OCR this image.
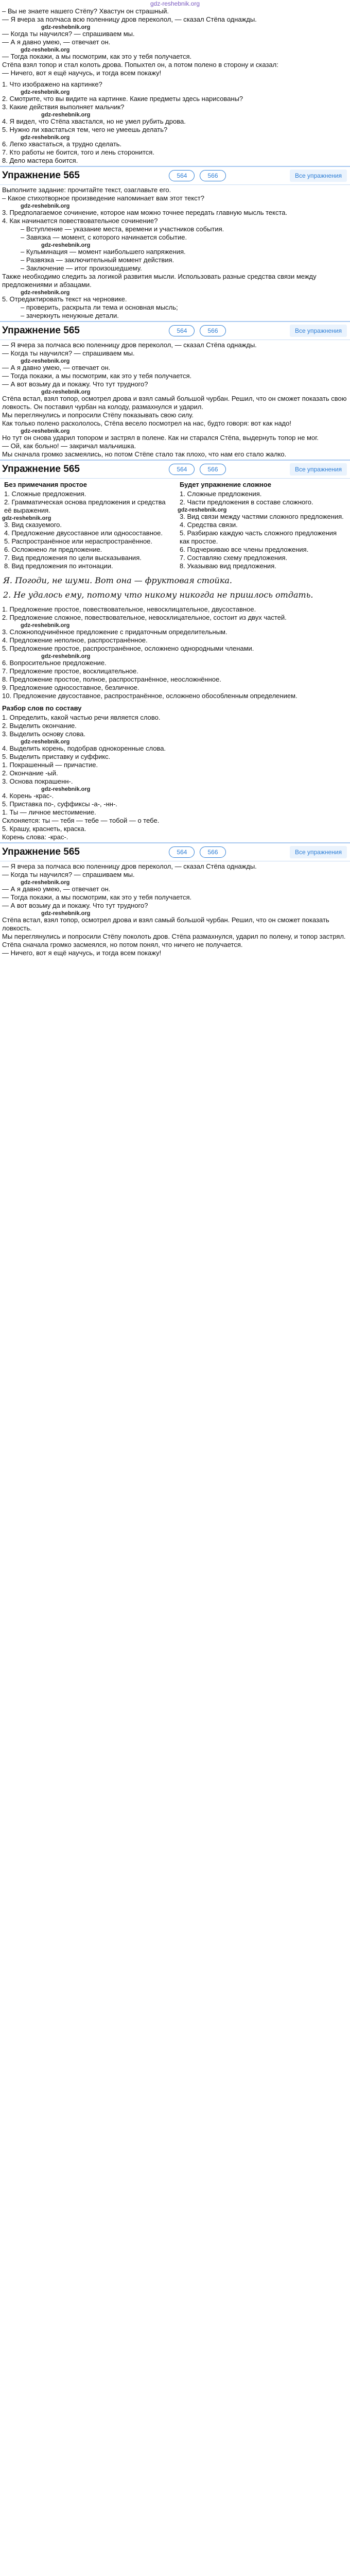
gdz-reshebnik.org
– Вы не знаете нашего Стёпу? Хвастун он страшный.
— Я вчера за полчаса всю поленницу дров переколол, — сказал Стёпа однажды.
gdz-reshebnik.org
— Когда ты научился? — спрашиваем мы.
— А я давно умею, — отвечает он.
gdz-reshebnik.org
— Тогда покажи, а мы посмотрим, как это у тебя получается.
Стёпа взял топор и стал колоть дрова. Попыхтел он, а потом полено в сторону и сказал:
— Ничего, вот я ещё научусь, и тогда всем покажу!
1. Что изображено на картинке?
gdz-reshebnik.org
2. Смотрите, что вы видите на картинке. Какие предметы здесь нарисованы?
3. Какие действия выполняет мальчик?
gdz-reshebnik.org
4. Я видел, что Стёпа хвастался, но не умел рубить дрова.
5. Нужно ли хвастаться тем, чего не умеешь делать?
gdz-reshebnik.org
6. Легко хвастаться, а трудно сделать.
7. Кто работы не боится, того и лень сторонится.
8. Дело мастера боится.
Упражнение 565	564	566	Все упражнения
Выполните задание: прочитайте текст, озаглавьте его.
– Какое стихотворное произведение напоминает вам этот текст?
gdz-reshebnik.org
3. Предполагаемое сочинение, которое нам можно точнее передать главную мысль текста.
4. Как начинается повествовательное сочинение?
– Вступление — указание места, времени и участников события.
– Завязка — момент, с которого начинается событие.
gdz-reshebnik.org
– Кульминация — момент наибольшего напряжения.
– Развязка — заключительный момент действия.
– Заключение — итог произошедшему.
Также необходимо следить за логикой развития мысли. Использовать разные средства связи между предложениями и абзацами.
gdz-reshebnik.org
5. Отредактировать текст на черновике.
– проверить, раскрыта ли тема и основная мысль;
– зачеркнуть ненужные детали.
Упражнение 565	564	566	Все упражнения
— Я вчера за полчаса всю поленницу дров переколол, — сказал Стёпа однажды.
— Когда ты научился? — спрашиваем мы.
gdz-reshebnik.org
— А я давно умею, — отвечает он.
— Тогда покажи, а мы посмотрим, как это у тебя получается.
— А вот возьму да и покажу. Что тут трудного?
gdz-reshebnik.org
Стёпа встал, взял топор, осмотрел дрова и взял самый большой чурбан. Решил, что он сможет показать свою ловкость. Он поставил чурбан на колоду, размахнулся и ударил.
Мы переглянулись и попросили Стёпу показывать свою силу.
Как только полено раскололось, Стёпа весело посмотрел на нас, будто говоря: вот как надо!
gdz-reshebnik.org
Но тут он снова ударил топором и застрял в полене. Как ни старался Стёпа, выдернуть топор не мог.
— Ой, как больно! — закричал мальчишка.
Мы сначала громко засмеялись, но потом Стёпе стало так плохо, что нам его стало жалко.
Упражнение 565	564	566	Все упражнения
Без примечания простое
1. Сложные предложения.
2. Грамматическая основа предложения и средства её выражения.
gdz-reshebnik.org
3. Вид сказуемого.
4. Предложение двусоставное или односоставное.
5. Распространённое или нераспространённое.
6. Осложнено ли предложение.
7. Вид предложения по цели высказывания.
8. Вид предложения по интонации.
Будет упражнение сложное
1. Сложные предложения.
2. Части предложения в составе сложного.
gdz-reshebnik.org
3. Вид связи между частями сложного предложения.
4. Средства связи.
5. Разбираю каждую часть сложного предложения как простое.
6. Подчеркиваю все члены предложения.
7. Составляю схему предложения.
8. Указываю вид предложения.
Я. Погоди, не шуми. Вот она — фруктовая стойка.
2. Не удалось ему, потому что никому никогда не пришлось отдать.
1. Предложение простое, повествовательное, невосклицательное, двусоставное.
2. Предложение сложное, повествовательное, невосклицательное, состоит из двух частей.
gdz-reshebnik.org
3. Сложноподчинённое предложение с придаточным определительным.
4. Предложение неполное, распространённое.
5. Предложение простое, распространённое, осложнено однородными членами.
gdz-reshebnik.org
6. Вопросительное предложение.
7. Предложение простое, восклицательное.
8. Предложение простое, полное, распространённое, неосложнённое.
9. Предложение односоставное, безличное.
10. Предложение двусоставное, распространённое, осложнено обособленным определением.
Разбор слов по составу
1. Определить, какой частью речи является слово.
2. Выделить окончание.
3. Выделить основу слова.
gdz-reshebnik.org
4. Выделить корень, подобрав однокоренные слова.
5. Выделить приставку и суффикс.
1. Покрашенный — причастие.
2. Окончание -ый.
3. Основа покрашенн-.
gdz-reshebnik.org
4. Корень -крас-.
5. Приставка по-, суффиксы -а-, -нн-.
1. Ты — личное местоимение.
Склоняется: ты — тебя — тебе — тобой — о тебе.
5. Крашу, краснеть, краска.
Корень слова: -крас-.
Упражнение 565	564	566	Все упражнения
— Я вчера за полчаса всю поленницу дров переколол, — сказал Стёпа однажды.
— Когда ты научился? — спрашиваем мы.
gdz-reshebnik.org
— А я давно умею, — отвечает он.
— Тогда покажи, а мы посмотрим, как это у тебя получается.
— А вот возьму да и покажу. Что тут трудного?
gdz-reshebnik.org
Стёпа встал, взял топор, осмотрел дрова и взял самый большой чурбан. Решил, что он сможет показать ловкость.
Мы переглянулись и попросили Стёпу поколоть дров. Стёпа размахнулся, ударил по полену, и топор застрял.
Стёпа сначала громко засмеялся, но потом понял, что ничего не получается.
— Ничего, вот я ещё научусь, и тогда всем покажу!
